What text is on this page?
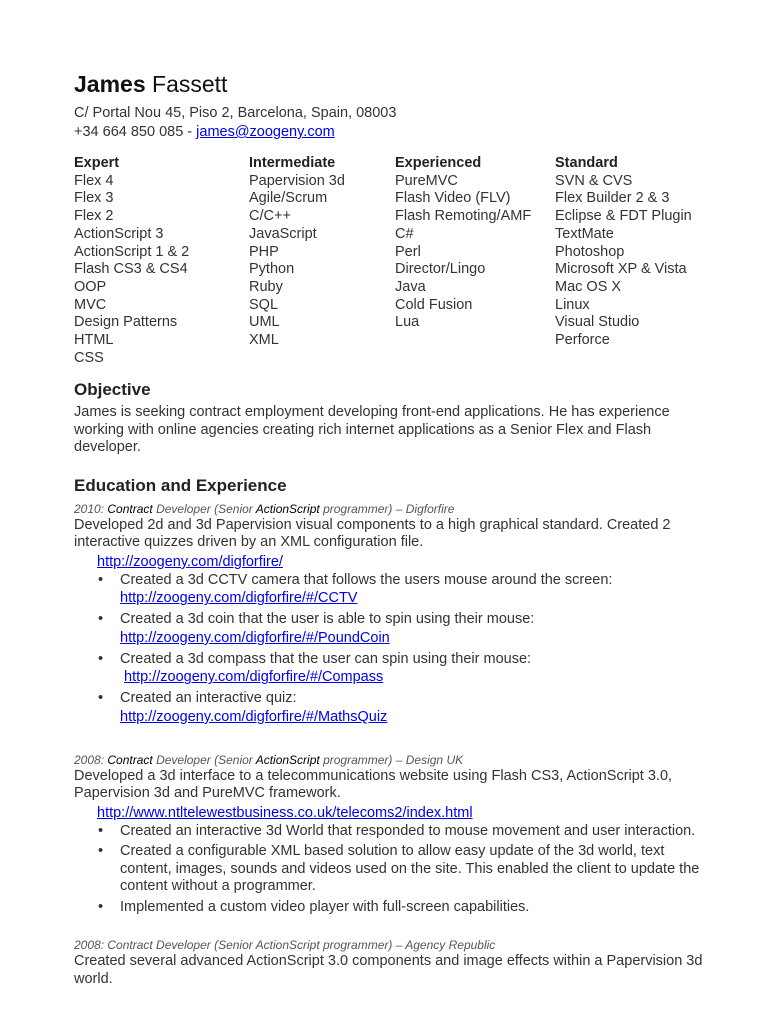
James Fassett
C/ Portal Nou 45, Piso 2, Barcelona, Spain, 08003
+34 664 850 085 - james@zoogeny.com
Expert
Flex 4
Flex 3
Flex 2
ActionScript 3
ActionScript 1 & 2
Flash CS3 & CS4
OOP
MVC
Design Patterns
HTML
CSS
Intermediate
Papervision 3d
Agile/Scrum
C/C++
JavaScript
PHP
Python
Ruby
SQL
UML
XML
Experienced
PureMVC
Flash Video (FLV)
Flash Remoting/AMF
C#
Perl
Director/Lingo
Java
Cold Fusion
Lua
Standard
SVN & CVS
Flex Builder 2 & 3
Eclipse & FDT Plugin
TextMate
Photoshop
Microsoft XP & Vista
Mac OS X
Linux
Visual Studio
Perforce
Objective
James is seeking contract employment developing front-end applications. He has experience working with online agencies creating rich internet applications as a Senior Flex and Flash developer.
Education and Experience
2010: Contract Developer (Senior ActionScript programmer) – Digforfire
Developed 2d and 3d Papervision visual components to a high graphical standard. Created 2 interactive quizzes driven by an XML configuration file.
http://zoogeny.com/digforfire/
• Created a 3d CCTV camera that follows the users mouse around the screen:
http://zoogeny.com/digforfire/#/CCTV
• Created a 3d coin that the user is able to spin using their mouse:
http://zoogeny.com/digforfire/#/PoundCoin
• Created a 3d compass that the user can spin using their mouse:
http://zoogeny.com/digforfire/#/Compass
• Created an interactive quiz:
http://zoogeny.com/digforfire/#/MathsQuiz
2008: Contract Developer (Senior ActionScript programmer) – Design UK
Developed a 3d interface to a telecommunications website using Flash CS3, ActionScript 3.0, Papervision 3d and PureMVC framework.
http://www.ntltelewestbusiness.co.uk/telecoms2/index.html
• Created an interactive 3d World that responded to mouse movement and user interaction.
• Created a configurable XML based solution to allow easy update of the 3d world, text content, images, sounds and videos used on the site. This enabled the client to update the content without a programmer.
• Implemented a custom video player with full-screen capabilities.
2008: Contract Developer (Senior ActionScript programmer) – Agency Republic
Created several advanced ActionScript 3.0 components and image effects within a Papervision 3d world.
